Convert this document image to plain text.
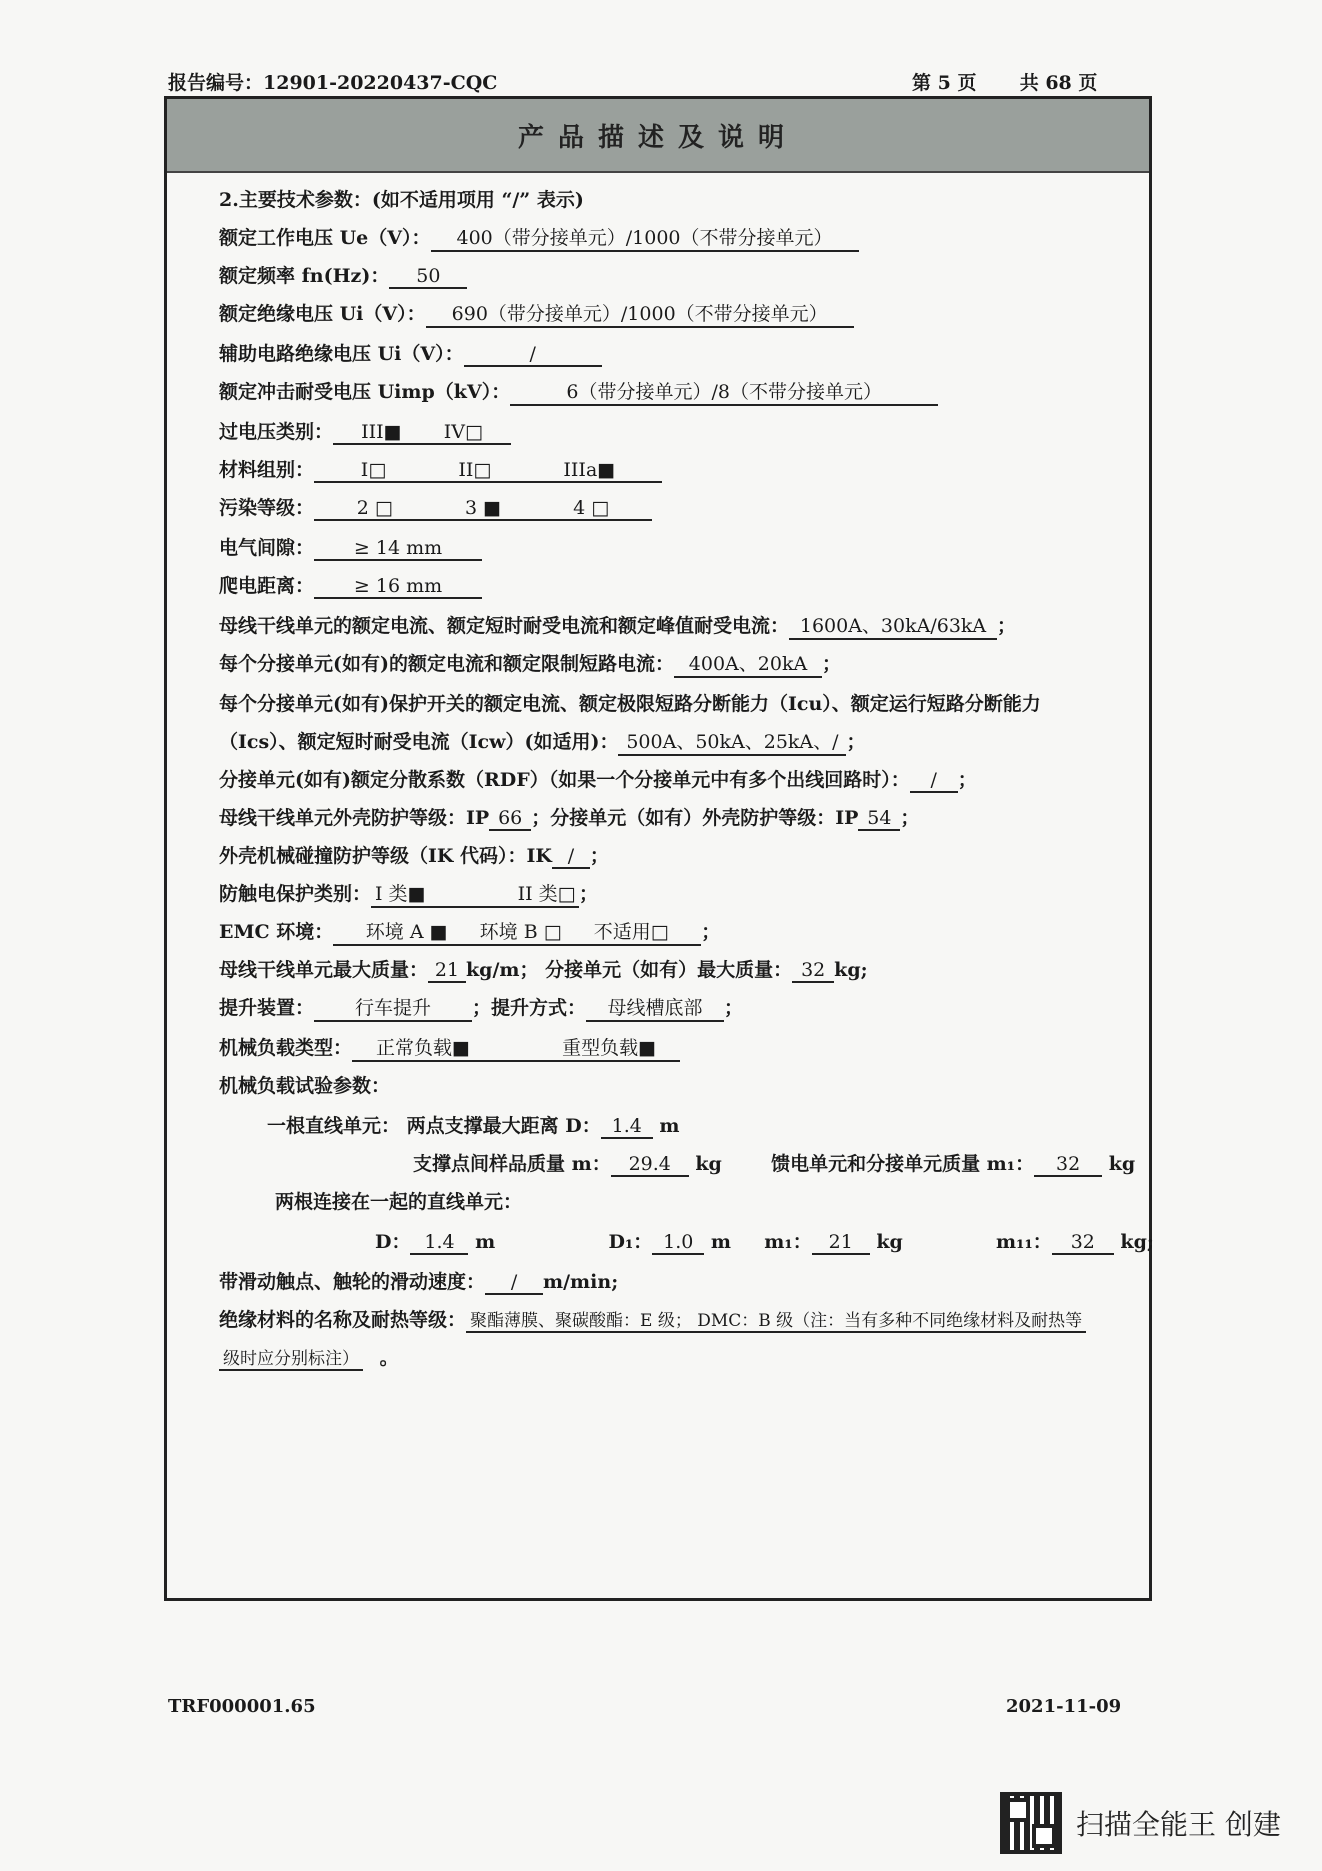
报告编号：12901-20220437-CQC	第 5 页 共 68 页
产品描述及说明
2.主要技术参数：(如不适用项用 “/” 表示)
额定工作电压 Ue（V）： 400（带分接单元）/1000（不带分接单元）
额定频率 fn(Hz)： 50
额定绝缘电压 Ui（V）： 690（带分接单元）/1000（不带分接单元）
辅助电路绝缘电压 Ui（V）：	/
额定冲击耐受电压 Uimp（kV）：	6（带分接单元）/8（不带分接单元）
过电压类别： III ■	IV □
材料组别： I □	II □	IIIa ■
污染等级： 2 □	3 ■	4 □
电气间隙： ≥ 14 mm
爬电距离： ≥ 16 mm
母线干线单元的额定电流、额定短时耐受电流和额定峰值耐受电流： 1600A、30kA/63kA ；
每个分接单元(如有)的额定电流和额定限制短路电流： 400A、20kA ；
每个分接单元(如有)保护开关的额定电流、额定极限短路分断能力（Icu）、额定运行短路分断能力
（Ics）、额定短时耐受电流（Icw）(如适用)： 500A、50kA、25kA、/ ；
分接单元(如有)额定分散系数（RDF）（如果一个分接单元中有多个出线回路时）： / ；
母线干线单元外壳防护等级：IP 66 ；分接单元（如有）外壳防护等级：IP 54 ；
外壳机械碰撞防护等级（IK 代码）：IK / ；
防触电保护类别： I 类 ■	II 类 □ ；
EMC 环境： 环境 A ■	环境 B □	不适用 □	；
母线干线单元最大质量： 21 kg/m； 分接单元（如有）最大质量： 32 kg;
提升装置： 行车提升 ；提升方式： 母线槽底部 ；
机械负载类型： 正常负载 ■	重型负载 ■
机械负载试验参数：
一根直线单元： 两点支撑最大距离 D： 1.4 m
支撑点间样品质量 m： 29.4 kg	馈电单元和分接单元质量 m₁： 32 kg
两根连接在一起的直线单元：
D： 1.4 m	D₁： 1.0 m m₁： 21 kg	m₁₁： 32 kg;
带滑动触点、触轮的滑动速度： / m/min;
绝缘材料的名称及耐热等级： 聚酯薄膜、聚碳酸酯：E 级； DMC：B 级（注：当有多种不同绝缘材料及耐热等
级时应分别标注） 。
TRF000001.65	2021-11-09
扫描全能王 创建
